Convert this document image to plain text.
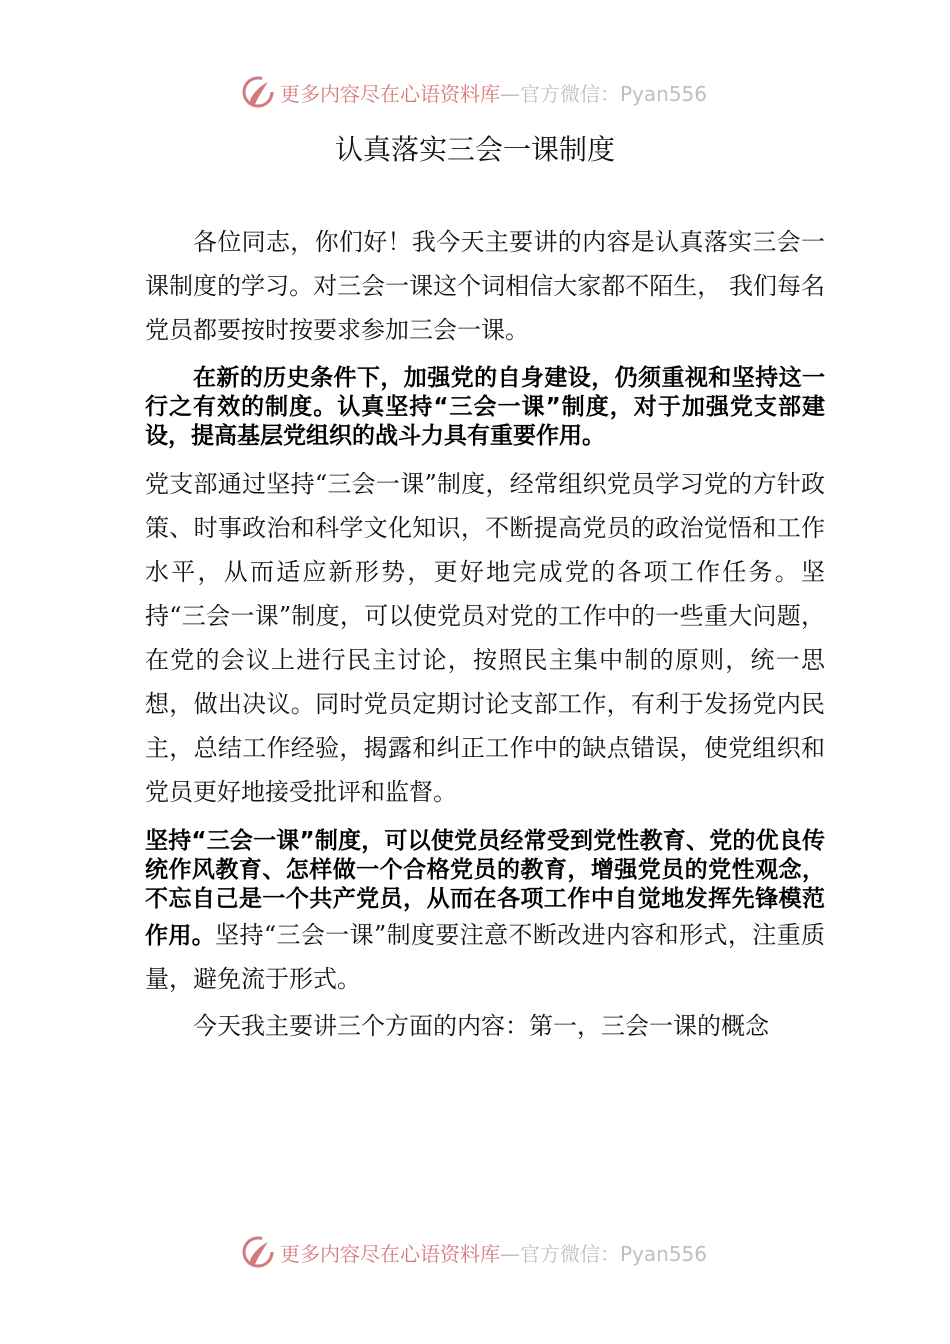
更多内容尽在心语资料库—官方微信：Pyan556
认真落实三会一课制度

各位同志，你们好！我今天主要讲的内容是认真落实三会一课制度的学习。对三会一课这个词相信大家都不陌生， 我们每名党员都要按时按要求参加三会一课。

在新的历史条件下，加强党的自身建设，仍须重视和坚持这一行之有效的制度。认真坚持“三会一课”制度，对于加强党支部建设，提高基层党组织的战斗力具有重要作用。

党支部通过坚持“三会一课”制度，经常组织党员学习党的方针政策、时事政治和科学文化知识，不断提高党员的政治觉悟和工作水平，从而适应新形势，更好地完成党的各项工作任务。坚持“三会一课”制度，可以使党员对党的工作中的一些重大问题，在党的会议上进行民主讨论，按照民主集中制的原则，统一思想，做出决议。同时党员定期讨论支部工作，有利于发扬党内民主，总结工作经验，揭露和纠正工作中的缺点错误，使党组织和党员更好地接受批评和监督。

坚持“三会一课”制度，可以使党员经常受到党性教育、党的优良传统作风教育、怎样做一个合格党员的教育，增强党员的党性观念，不忘自己是一个共产党员，从而在各项工作中自觉地发挥先锋模范作用。坚持“三会一课”制度要注意不断改进内容和形式，注重质量，避免流于形式。

今天我主要讲三个方面的内容：第一，三会一课的概念

更多内容尽在心语资料库—官方微信：Pyan556
